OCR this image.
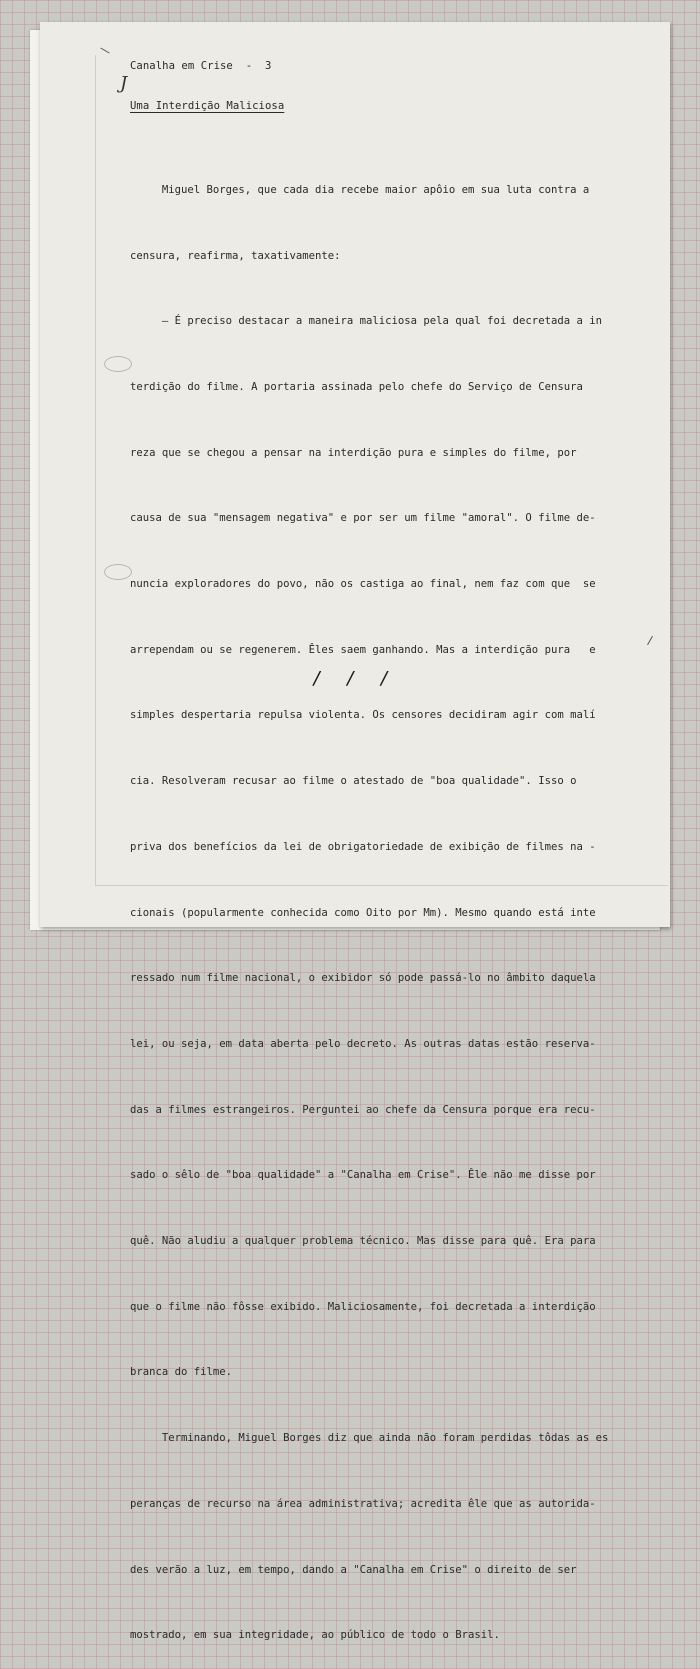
Canalha em Crise  -  3
J
Uma Interdição Maliciosa

Miguel Borges, que cada dia recebe maior apôio em sua luta contra a

censura, reafirma, taxativamente:

— É preciso destacar a maneira maliciosa pela qual foi decretada a in

terdição do filme. A portaria assinada pelo chefe do Serviço de Censura

reza que se chegou a pensar na interdição pura e simples do filme, por

causa de sua "mensagem negativa" e por ser um filme "amoral". O filme de-

nuncia exploradores do povo, não os castiga ao final, nem faz com que  se

arrependam ou se regenerem. Êles saem ganhando. Mas a interdição pura   e

simples despertaria repulsa violenta. Os censores decidiram agir com malí

cia. Resolveram recusar ao filme o atestado de "boa qualidade". Isso o

priva dos benefícios da lei de obrigatoriedade de exibição de filmes na -

cionais (popularmente conhecida como Oito por Mm). Mesmo quando está inte

ressado num filme nacional, o exibidor só pode passá-lo no âmbito daquela

lei, ou seja, em data aberta pelo decreto. As outras datas estão reserva-

das a filmes estrangeiros. Perguntei ao chefe da Censura porque era recu-

sado o sêlo de "boa qualidade" a "Canalha em Crise". Êle não me disse por

quê. Não aludiu a qualquer problema técnico. Mas disse para quê. Era para

que o filme não fôsse exibido. Maliciosamente, foi decretada a interdição

branca do filme.

Terminando, Miguel Borges diz que ainda não foram perdidas tôdas as es

peranças de recurso na área administrativa; acredita êle que as autorida-

des verão a luz, em tempo, dando a "Canalha em Crise" o direito de ser

mostrado, em sua integridade, ao público de todo o Brasil.

/ / /
